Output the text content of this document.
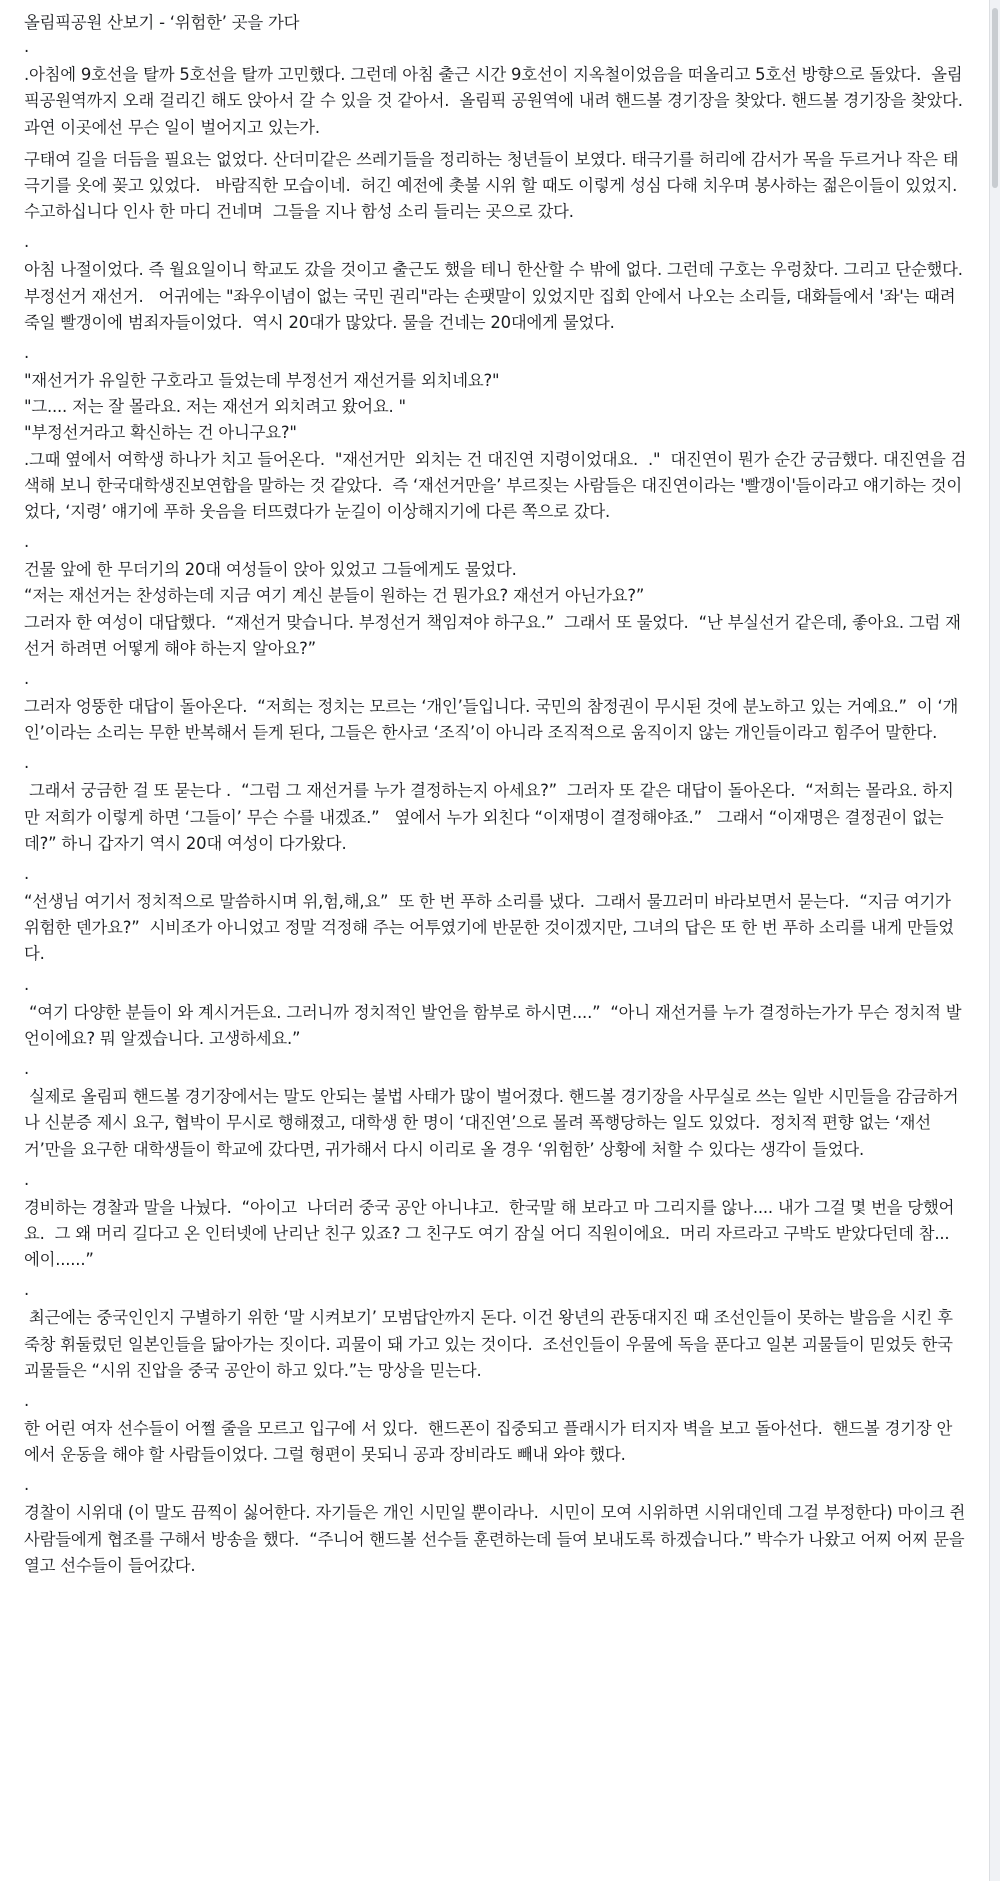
올림픽공원 산보기 - ‘위험한’ 곳을 가다
.

.아침에 9호선을 탈까 5호선을 탈까 고민했다. 그런데 아침 출근 시간 9호선이 지옥철이었음을 떠올리고 5호선 방향으로 돌았다.  올림픽공원역까지 오래 걸리긴 해도 앉아서 갈 수 있을 것 같아서.  올림픽 공원역에 내려 핸드볼 경기장을 찾았다. 핸드볼 경기장을 찾았다. 과연 이곳에선 무슨 일이 벌어지고 있는가.

구태여 길을 더듬을 필요는 없었다. 산더미같은 쓰레기들을 정리하는 청년들이 보였다. 태극기를 허리에 감서가 목을 두르거나 작은 태극기를 옷에 꽂고 있었다.   바람직한 모습이네.  허긴 예전에 촛불 시위 할 때도 이렇게 성심 다해 치우며 봉사하는 젊은이들이 있었지.  수고하십니다 인사 한 마디 건네며  그들을 지나 함성 소리 들리는 곳으로 갔다.

.

아침 나절이었다. 즉 월요일이니 학교도 갔을 것이고 출근도 했을 테니 한산할 수 밖에 없다. 그런데 구호는 우렁찼다. 그리고 단순했다. 부정선거 재선거.   어귀에는 "좌우이념이 없는 국민 권리"라는 손팻말이 있었지만 집회 안에서 나오는 소리들, 대화들에서 '좌'는 때려죽일 빨갱이에 범죄자들이었다.  역시 20대가 많았다. 물을 건네는 20대에게 물었다.

.
"재선거가 유일한 구호라고 들었는데 부정선거 재선거를 외치네요?"
"그.... 저는 잘 몰라요. 저는 재선거 외치려고 왔어요. "
"부정선거라고 확신하는 건 아니구요?"

.그때 옆에서 여학생 하나가 치고 들어온다.  "재선거만  외치는 건 대진연 지령이었대요.  ."  대진연이 뭔가 순간 궁금했다. 대진연을 검색해 보니 한국대학생진보연합을 말하는 것 같았다.  즉 ‘재선거만을’ 부르짖는 사람들은 대진연이라는 '빨갱이'들이라고 얘기하는 것이었다, ‘지령’ 얘기에 푸하 웃음을 터뜨렸다가 눈길이 이상해지기에 다른 쪽으로 갔다.

.
건물 앞에 한 무더기의 20대 여성들이 앉아 있었고 그들에게도 물었다.
“저는 재선거는 찬성하는데 지금 여기 계신 분들이 원하는 건 뭔가요? 재선거 아닌가요?”

그러자 한 여성이 대답했다.  “재선거 맞습니다. 부정선거 책임져야 하구요.”  그래서 또 물었다.  “난 부실선거 같은데, 좋아요. 그럼 재선거 하려면 어떻게 해야 하는지 알아요?”

.

그러자 엉뚱한 대답이 돌아온다.  “저희는 정치는 모르는 ‘개인’들입니다. 국민의 참정권이 무시된 것에 분노하고 있는 거예요.”  이 ‘개인’이라는 소리는 무한 반복해서 듣게 된다, 그들은 한사코 ‘조직’이 아니라 조직적으로 움직이지 않는 개인들이라고 힘주어 말한다.

.

그래서 궁금한 걸 또 묻는다 .  “그럼 그 재선거를 누가 결정하는지 아세요?”  그러자 또 같은 대답이 돌아온다.  “저희는 몰라요. 하지만 저희가 이렇게 하면 ‘그들이’ 무슨 수를 내겠죠.”   옆에서 누가 외친다 “이재명이 결정해야죠.”   그래서 “이재명은 결정권이 없는데?” 하니 갑자기 역시 20대 여성이 다가왔다.

.

“선생님 여기서 정치적으로 말씀하시며 위,험,해,요”  또 한 번 푸하 소리를 냈다.  그래서 물끄러미 바라보면서 묻는다.  “지금 여기가 위험한 덴가요?”  시비조가 아니었고 정말 걱정해 주는 어투였기에 반문한 것이겠지만, 그녀의 답은 또 한 번 푸하 소리를 내게 만들었다.

.

“여기 다양한 분들이 와 계시거든요. 그러니까 정치적인 발언을 함부로 하시면....”  “아니 재선거를 누가 결정하는가가 무슨 정치적 발언이에요? 뭐 알겠습니다. 고생하세요.”

.

실제로 올림피 핸드볼 경기장에서는 말도 안되는 불법 사태가 많이 벌어졌다. 핸드볼 경기장을 사무실로 쓰는 일반 시민들을 감금하거나 신분증 제시 요구, 협박이 무시로 행해졌고, 대학생 한 명이 ‘대진연’으로 몰려 폭행당하는 일도 있었다.  정치적 편향 없는 ‘재선거’만을 요구한 대학생들이 학교에 갔다면, 귀가해서 다시 이리로 올 경우 ‘위험한’ 상황에 처할 수 있다는 생각이 들었다.

.

경비하는 경찰과 말을 나눴다.  “아이고  나더러 중국 공안 아니냐고.  한국말 해 보라고 마 그리지를 않나.... 내가 그걸 몇 번을 당했어요.  그 왜 머리 길다고 온 인터넷에 난리난 친구 있죠? 그 친구도 여기 잠실 어디 직원이에요.  머리 자르라고 구박도 받았다던데 참... 에이......”

.

최근에는 중국인인지 구별하기 위한 ‘말 시켜보기’ 모범답안까지 돈다. 이건 왕년의 관동대지진 때 조선인들이 못하는 발음을 시킨 후 죽창 휘둘렀던 일본인들을 닮아가는 짓이다. 괴물이 돼 가고 있는 것이다.  조선인들이 우물에 독을 푼다고 일본 괴물들이 믿었듯 한국 괴물들은 “시위 진압을 중국 공안이 하고 있다.”는 망상을 믿는다.

.

한 어린 여자 선수들이 어쩔 줄을 모르고 입구에 서 있다.  핸드폰이 집중되고 플래시가 터지자 벽을 보고 돌아선다.  핸드볼 경기장 안에서 운동을 해야 할 사람들이었다. 그럴 형편이 못되니 공과 장비라도 빼내 와야 했다.

.

경찰이 시위대 (이 말도 끔찍이 싫어한다. 자기들은 개인 시민일 뿐이라나.  시민이 모여 시위하면 시위대인데 그걸 부정한다) 마이크 쥔 사람들에게 협조를 구해서 방송을 했다.  “주니어 핸드볼 선수들 훈련하는데 들여 보내도록 하겠습니다.” 박수가 나왔고 어찌 어찌 문을 열고 선수들이 들어갔다.
